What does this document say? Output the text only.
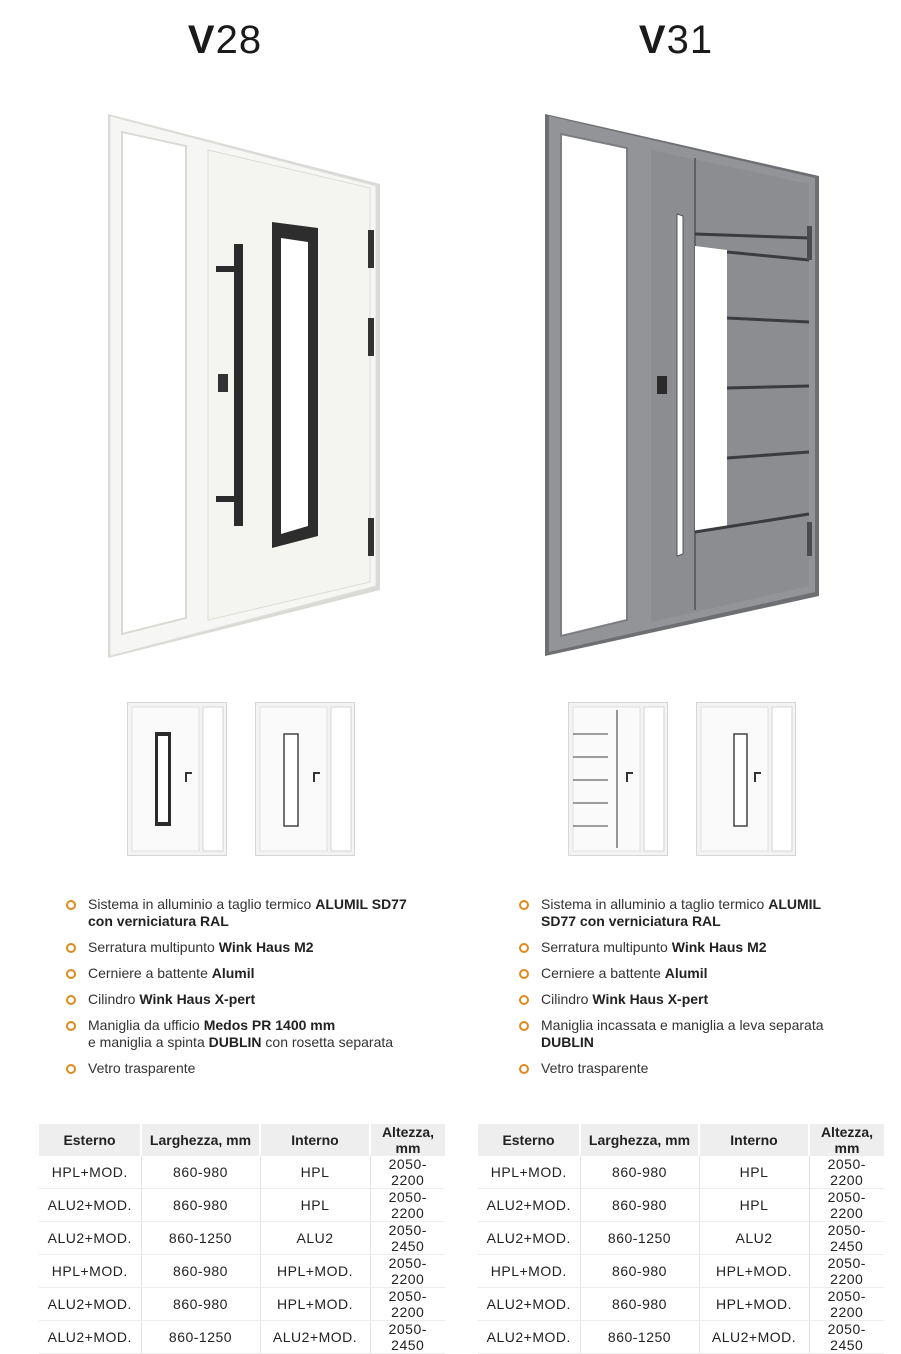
V28
Sistema in alluminio a taglio termico ALUMIL SD77
con verniciatura RAL
Serratura multipunto Wink Haus M2
Cerniere a battente Alumil
Cilindro Wink Haus X-pert
Maniglia da ufficio Medos PR 1400 mm
e maniglia a spinta DUBLIN con rosetta separata
Vetro trasparente
Esterno	Larghezza, mm	Interno	Altezza, mm
HPL+MOD.	860-980	HPL	2050-2200
ALU2+MOD.	860-980	HPL	2050-2200
ALU2+MOD.	860-1250	ALU2	2050-2450
HPL+MOD.	860-980	HPL+MOD.	2050-2200
ALU2+MOD.	860-980	HPL+MOD.	2050-2200
ALU2+MOD.	860-1250	ALU2+MOD.	2050-2450
V31
Sistema in alluminio a taglio termico ALUMIL
SD77 con verniciatura RAL
Serratura multipunto Wink Haus M2
Cerniere a battente Alumil
Cilindro Wink Haus X-pert
Maniglia incassata e maniglia a leva separata
DUBLIN
Vetro trasparente
Esterno	Larghezza, mm	Interno	Altezza, mm
HPL+MOD.	860-980	HPL	2050-2200
ALU2+MOD.	860-980	HPL	2050-2200
ALU2+MOD.	860-1250	ALU2	2050-2450
HPL+MOD.	860-980	HPL+MOD.	2050-2200
ALU2+MOD.	860-980	HPL+MOD.	2050-2200
ALU2+MOD.	860-1250	ALU2+MOD.	2050-2450
